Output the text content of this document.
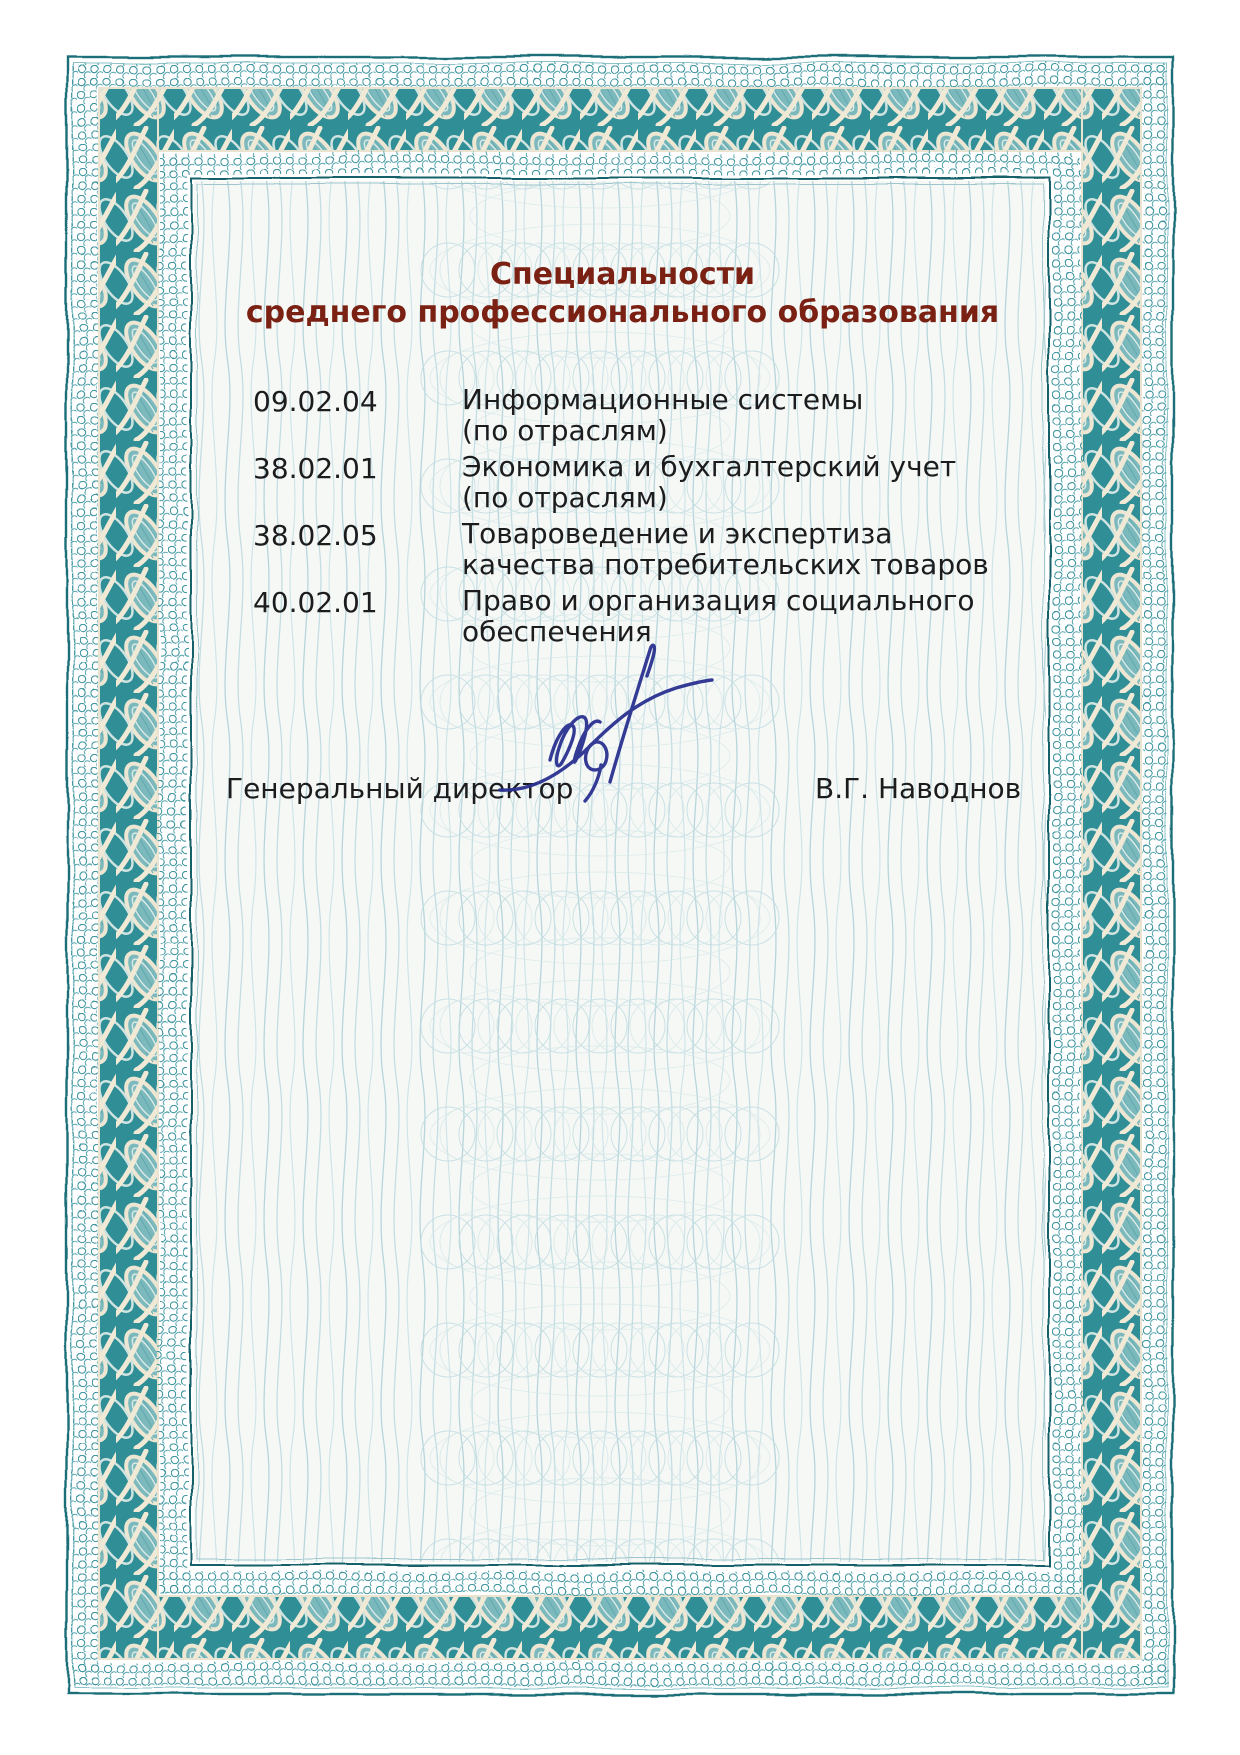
Специальности
среднего профессионального образования
09.02.04	Информационные системы
(по отраслям)
38.02.01	Экономика и бухгалтерский учет
(по отраслям)
38.02.05	Товароведение и экспертиза
качества потребительских товаров
40.02.01	Право и организация социального
обеспечения
Генеральный директор	В.Г. Наводнов
